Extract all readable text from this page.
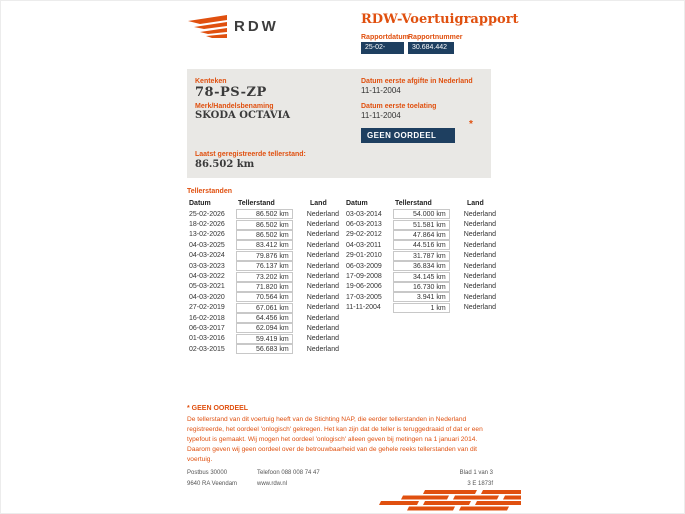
RDW	RDW-Voertuigrapport
Rapportdatum Rapportnummer
25-02-2026
30.684.442
Kenteken
78-PS-ZP
Merk/Handelsbenaming
SKODA OCTAVIA
Datum eerste afgifte in Nederland
11-11-2004
Datum eerste toelating
11-11-2004
*
GEEN OORDEEL
Laatst geregistreerde tellerstand:
86.502 km
Tellerstanden
Datum	Tellerstand	Land
25-02-2026	86.502 km	Nederland
18-02-2026	86.502 km	Nederland
13-02-2026	86.502 km	Nederland
04-03-2025	83.412 km	Nederland
04-03-2024	79.876 km	Nederland
03-03-2023	76.137 km	Nederland
04-03-2022	73.202 km	Nederland
05-03-2021	71.820 km	Nederland
04-03-2020	70.564 km	Nederland
27-02-2019	67.061 km	Nederland
16-02-2018	64.456 km	Nederland
06-03-2017	62.094 km	Nederland
01-03-2016	59.419 km	Nederland
02-03-2015	56.683 km	Nederland
Datum	Tellerstand	Land
03-03-2014	54.000 km	Nederland
06-03-2013	51.581 km	Nederland
29-02-2012	47.864 km	Nederland
04-03-2011	44.516 km	Nederland
29-01-2010	31.787 km	Nederland
06-03-2009	36.834 km	Nederland
17-09-2008	34.145 km	Nederland
19-06-2006	16.730 km	Nederland
17-03-2005	3.941 km	Nederland
11-11-2004	1 km	Nederland
* GEEN OORDEEL
De tellerstand van dit voertuig heeft van de Stichting NAP, die eerder tellerstanden in Nederland registreerde, het oordeel 'onlogisch' gekregen. Het kan zijn dat de teller is teruggedraaid of dat er een typefout is gemaakt. Wij mogen het oordeel 'onlogisch' alleen geven bij metingen na 1 januari 2014. Daarom geven wij geen oordeel over de betrouwbaarheid van de gehele reeks tellerstanden van dit voertuig.
Postbus 30000
9640 RA Veendam
Telefoon 088 008 74 47
www.rdw.nl
Blad 1 van 3
3 E 1873f
